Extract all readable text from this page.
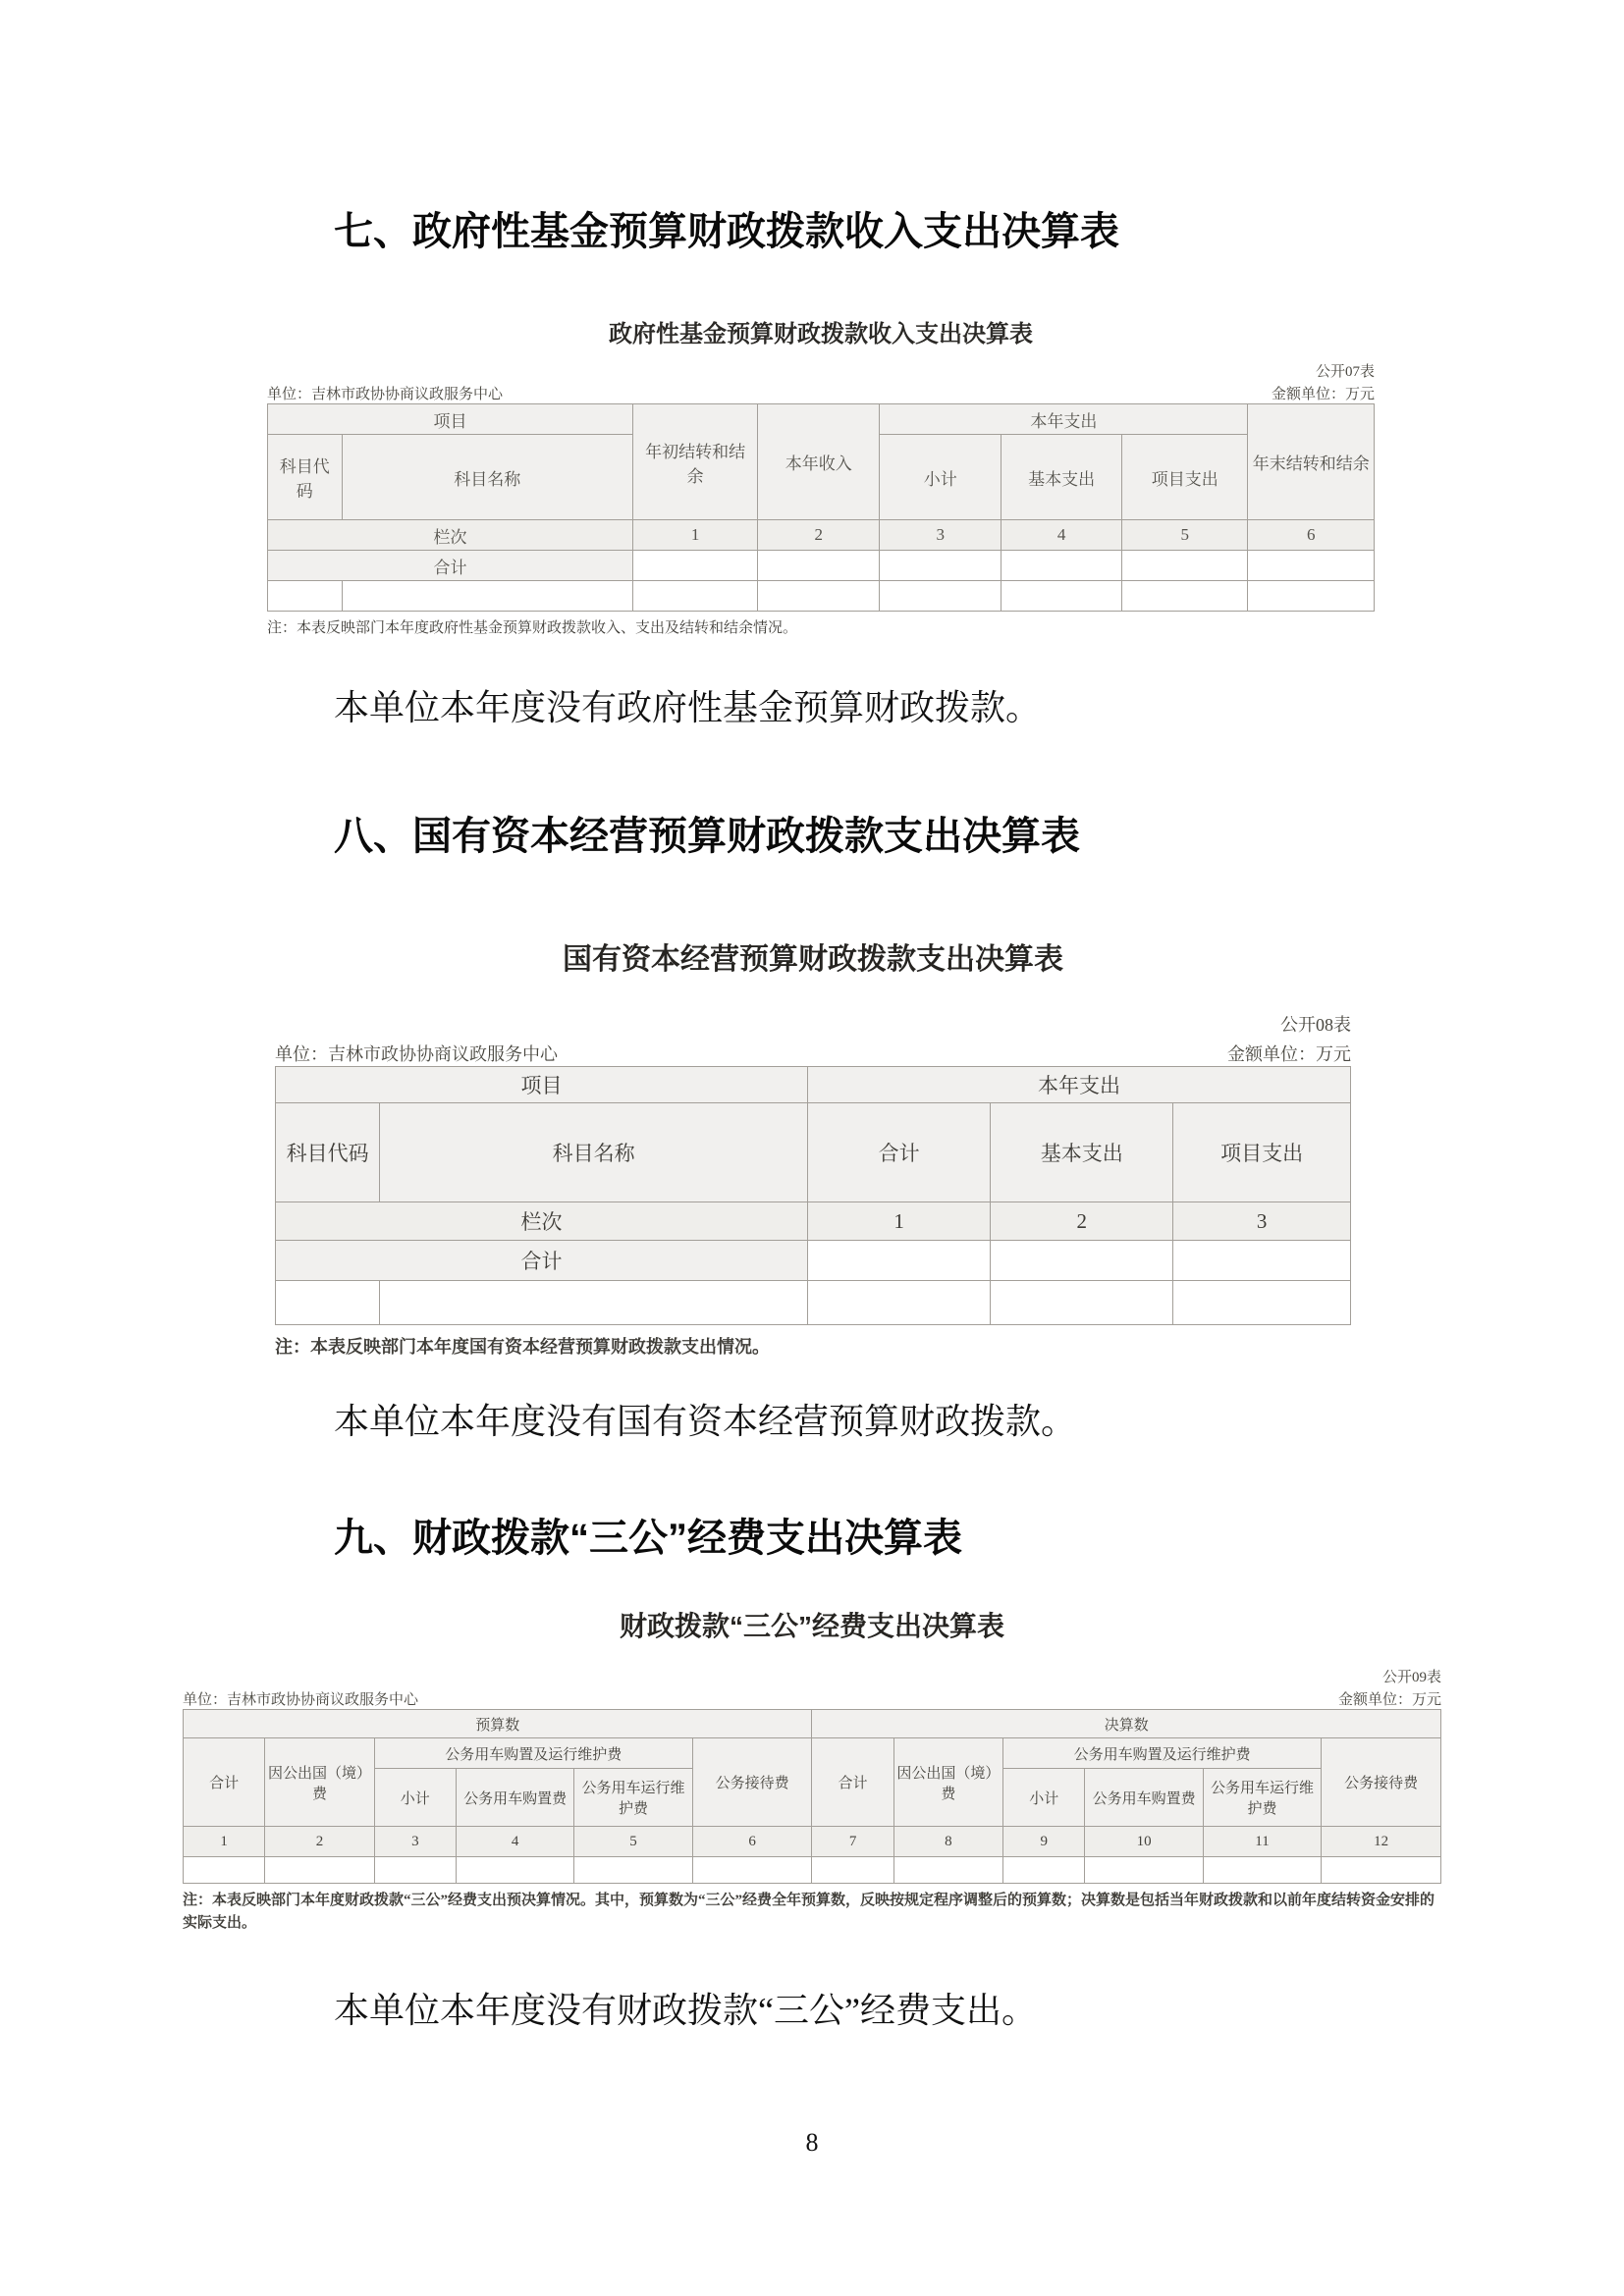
七、政府性基金预算财政拨款收入支出决算表
政府性基金预算财政拨款收入支出决算表
公开07表
单位：吉林市政协协商议政服务中心	金额单位：万元
项目		年初结转和结余	本年收入	本年支出			年末结转和结余
科目代码	科目名称			小计	基本支出	项目支出	
栏次		1	2	3	4	5	6
合计							

注：本表反映部门本年度政府性基金预算财政拨款收入、支出及结转和结余情况。
本单位本年度没有政府性基金预算财政拨款。
八、国有资本经营预算财政拨款支出决算表
国有资本经营预算财政拨款支出决算表
公开08表
单位：吉林市政协协商议政服务中心	金额单位：万元
项目		本年支出		
科目代码	科目名称	合计	基本支出	项目支出
栏次		1	2	3
合计				

注：本表反映部门本年度国有资本经营预算财政拨款支出情况。
本单位本年度没有国有资本经营预算财政拨款。
九、财政拨款“三公”经费支出决算表
财政拨款“三公”经费支出决算表
公开09表
单位：吉林市政协协商议政服务中心	金额单位：万元
预算数						决算数					
合计	因公出国（境）费	公务用车购置及运行维护费			公务接待费	合计	因公出国（境）费	公务用车购置及运行维护费			公务接待费
		小计	公务用车购置费	公务用车运行维护费				小计	公务用车购置费	公务用车运行维护费	
1	2	3	4	5	6	7	8	9	10	11	12

注：本表反映部门本年度财政拨款“三公”经费支出预决算情况。其中，预算数为“三公”经费全年预算数，反映按规定程序调整后的预算数；决算数是包括当年财政拨款和以前年度结转资金安排的实际支出。
本单位本年度没有财政拨款“三公”经费支出。
8
